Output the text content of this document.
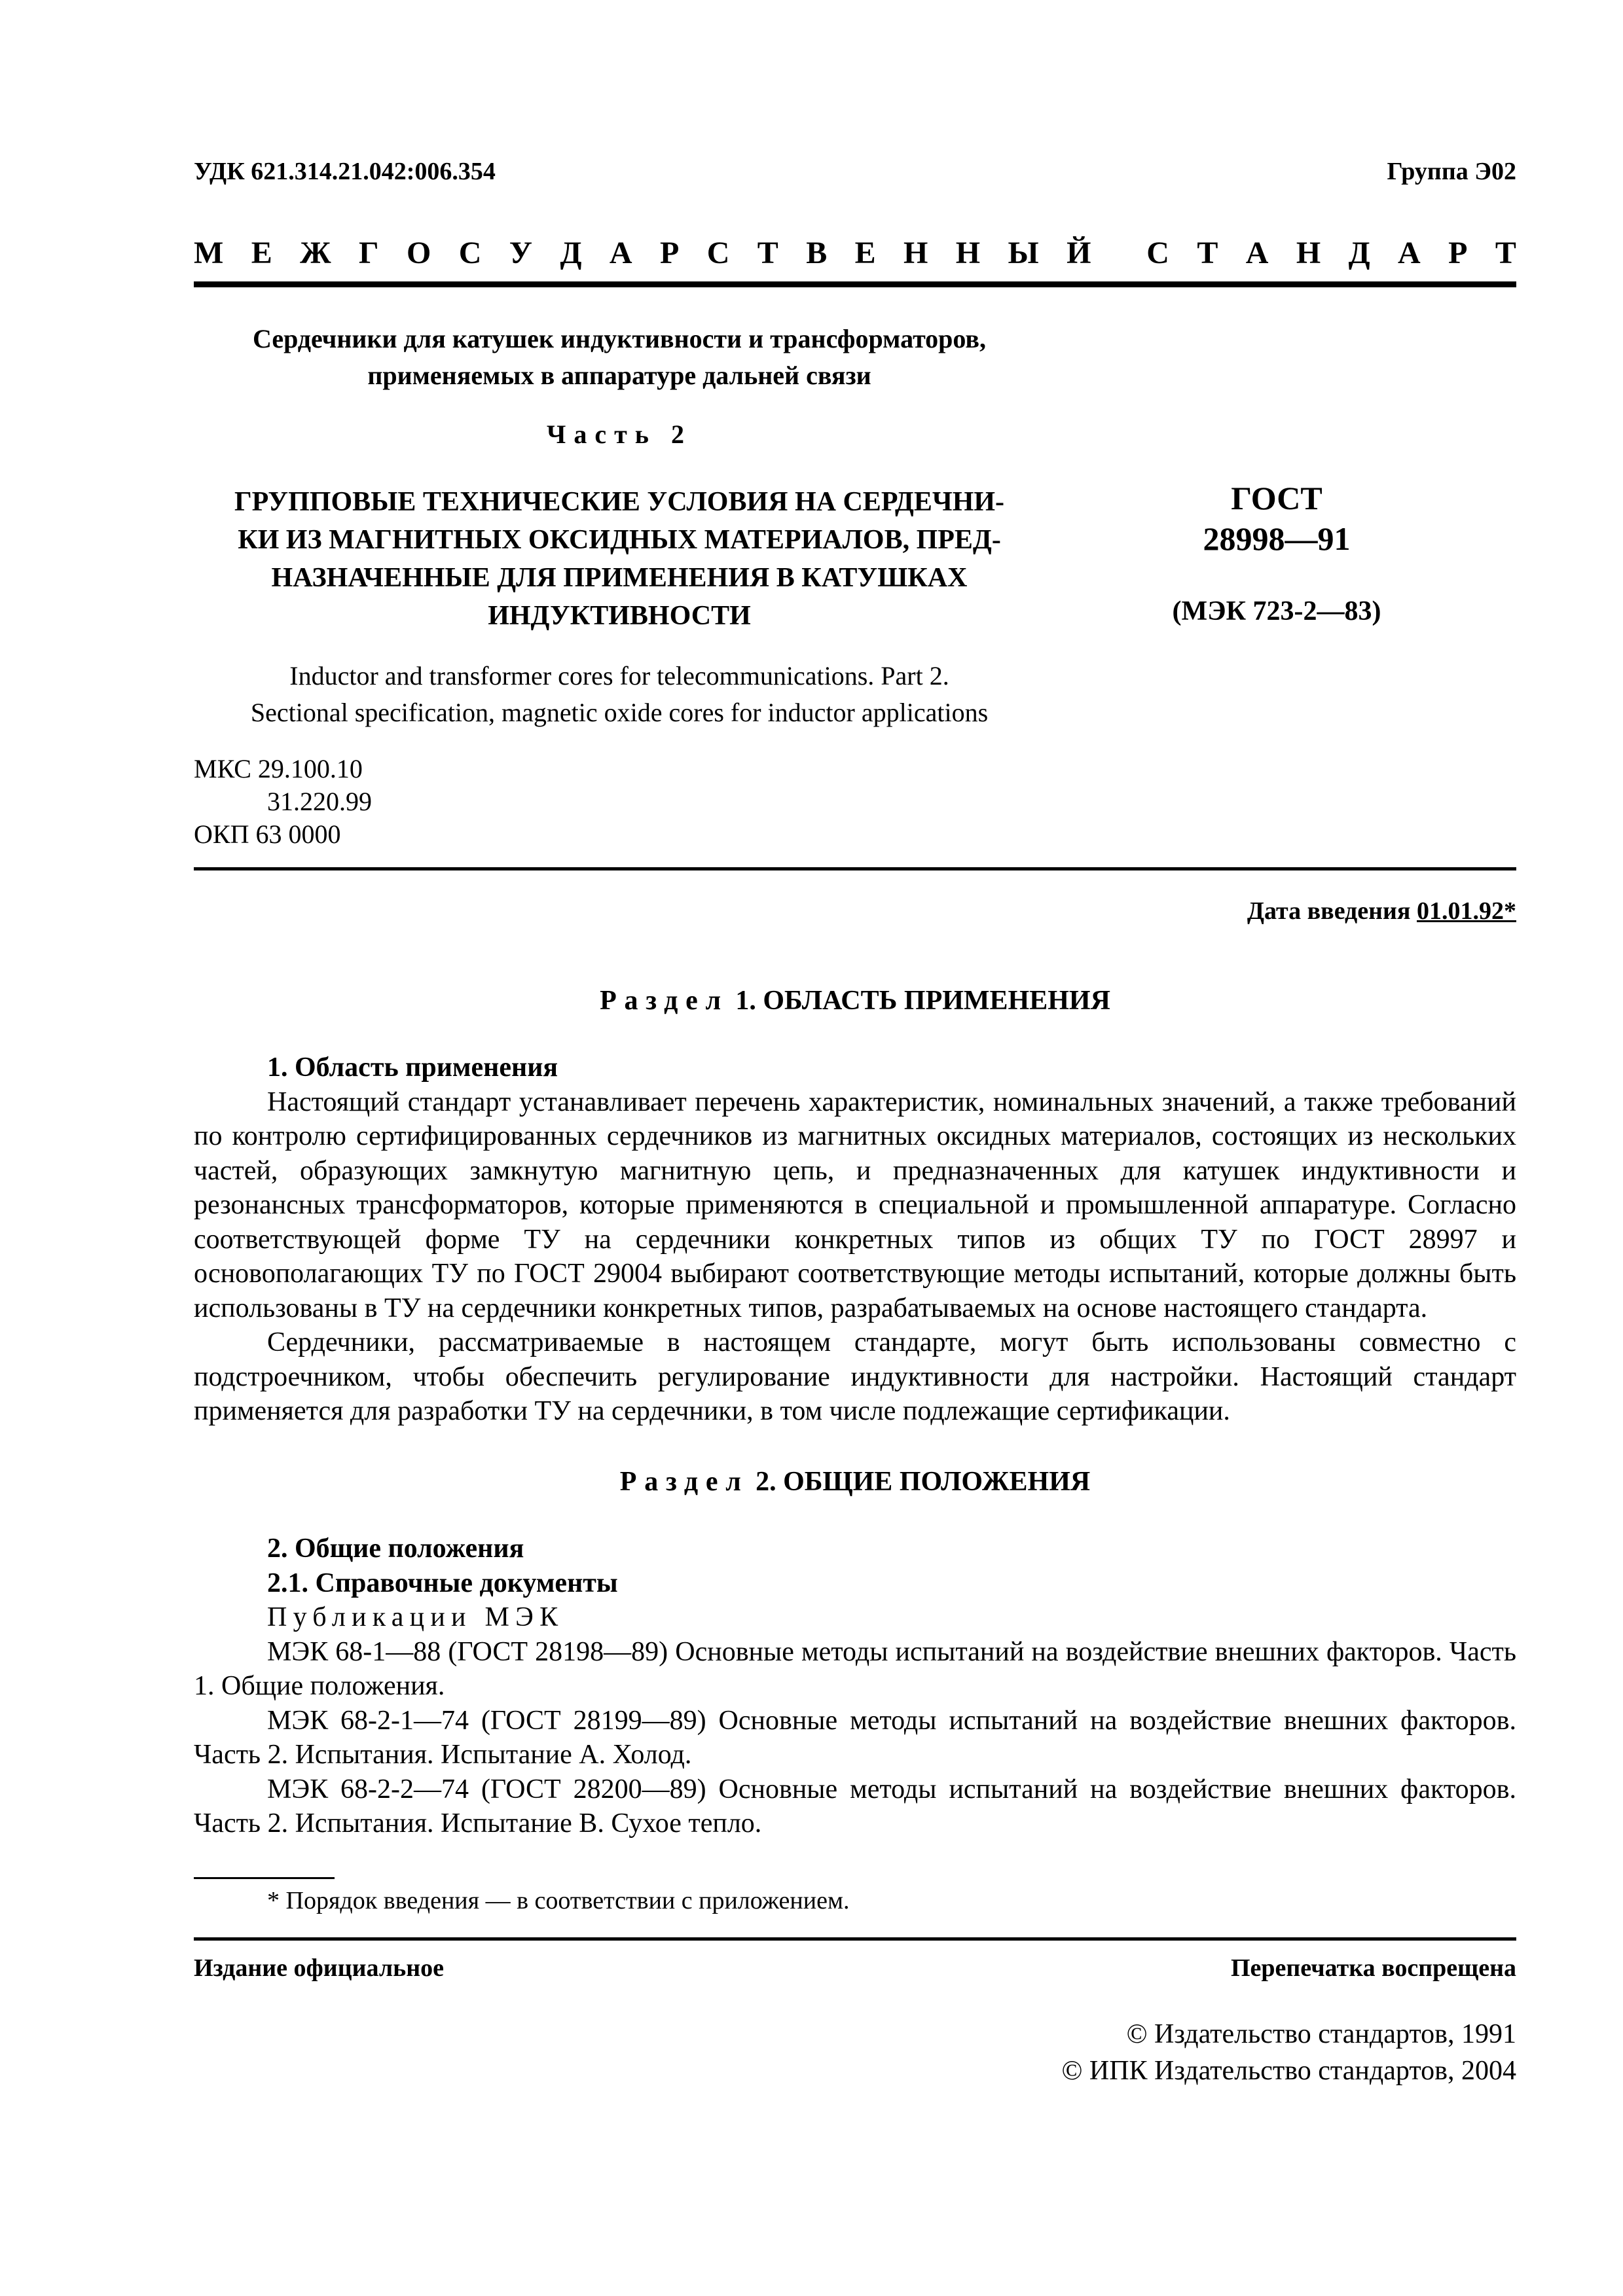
УДК 621.314.21.042:006.354	Группа Э02
М Е Ж Г О С У Д А Р С Т В Е Н Н Ы Й С Т А Н Д А Р Т
Сердечники для катушек индуктивности и трансформаторов,
применяемых в аппаратуре дальней связи
Часть 2
ГРУППОВЫЕ ТЕХНИЧЕСКИЕ УСЛОВИЯ НА СЕРДЕЧНИ-
КИ ИЗ МАГНИТНЫХ ОКСИДНЫХ МАТЕРИАЛОВ, ПРЕД-
НАЗНАЧЕННЫЕ ДЛЯ ПРИМЕНЕНИЯ В КАТУШКАХ
ИНДУКТИВНОСТИ
ГОСТ
28998—91
(МЭК 723-2—83)
Inductor and transformer cores for telecommunications. Part 2.
Sectional specification, magnetic oxide cores for inductor applications
МКС 29.100.10
31.220.99
ОКП 63 0000
Дата введения 01.01.92*
Раздел 1. ОБЛАСТЬ ПРИМЕНЕНИЯ
1. Область применения

Настоящий стандарт устанавливает перечень характеристик, номинальных значений, а также требований по контролю сертифицированных сердечников из магнитных оксидных материалов, состоящих из нескольких частей, образующих замкнутую магнитную цепь, и предназначенных для катушек индуктивности и резонансных трансформаторов, которые применяются в специальной и промышленной аппаратуре. Согласно соответствующей форме ТУ на сердечники конкретных типов из общих ТУ по ГОСТ 28997 и основополагающих ТУ по ГОСТ 29004 выбирают соответствующие методы испытаний, которые должны быть использованы в ТУ на сердечники конкретных типов, разрабатываемых на основе настоящего стандарта.

Сердечники, рассматриваемые в настоящем стандарте, могут быть использованы совместно с подстроечником, чтобы обеспечить регулирование индуктивности для настройки. Настоящий стандарт применяется для разработки ТУ на сердечники, в том числе подлежащие сертификации.

Раздел 2. ОБЩИЕ ПОЛОЖЕНИЯ
2. Общие положения
2.1. Справочные документы

Публикации МЭК

МЭК 68-1—88 (ГОСТ 28198—89) Основные методы испытаний на воздействие внешних факторов. Часть 1. Общие положения.

МЭК 68-2-1—74 (ГОСТ 28199—89) Основные методы испытаний на воздействие внешних факторов. Часть 2. Испытания. Испытание А. Холод.

МЭК 68-2-2—74 (ГОСТ 28200—89) Основные методы испытаний на воздействие внешних факторов. Часть 2. Испытания. Испытание В. Сухое тепло.

* Порядок введения — в соответствии с приложением.
Издание официальное	Перепечатка воспрещена
© Издательство стандартов, 1991
© ИПК Издательство стандартов, 2004
